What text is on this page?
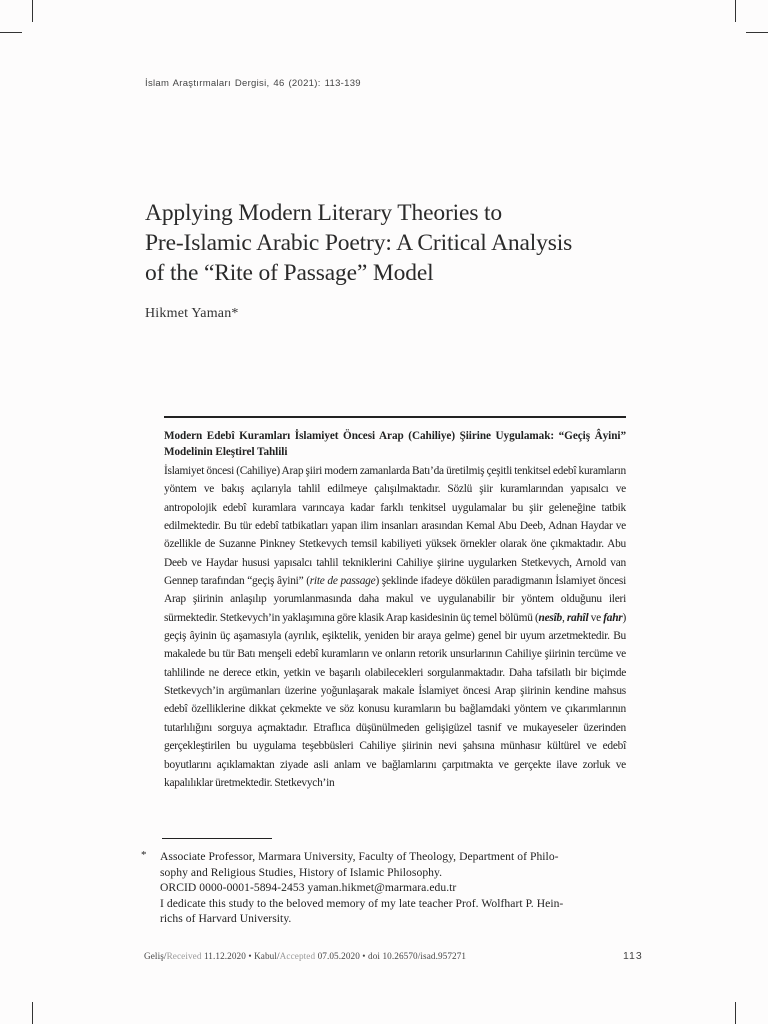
İslam Araştırmaları Dergisi, 46 (2021): 113-139
Applying Modern Literary Theories to
Pre-Islamic Arabic Poetry: A Critical Analysis
of the “Rite of Passage” Model
Hikmet Yaman*
Modern Edebî Kuramları İslamiyet Öncesi Arap (Cahiliye) Şiirine Uygulamak: “Geçiş Âyini” Modelinin Eleştirel Tahlili

İslamiyet öncesi (Cahiliye) Arap şiiri modern zamanlarda Batı’da üretilmiş çeşitli tenkitsel edebî kuramların yöntem ve bakış açılarıyla tahlil edilmeye çalışılmaktadır. Sözlü şiir kuramlarından yapısalcı ve antropolojik edebî kuramlara varıncaya kadar farklı tenkitsel uygulamalar bu şiir geleneğine tatbik edilmektedir. Bu tür edebî tatbikatları yapan ilim insanları arasından Kemal Abu Deeb, Adnan Haydar ve özellikle de Suzanne Pinkney Stetkevych temsil kabiliyeti yüksek örnekler olarak öne çıkmaktadır. Abu Deeb ve Haydar hususi yapısalcı tahlil tekniklerini Cahiliye şiirine uygularken Stetkevych, Arnold van Gennep tarafından “geçiş âyini” (rite de passage) şeklinde ifadeye dökülen paradigmanın İslamiyet öncesi Arap şiirinin anlaşılıp yorumlanmasında daha makul ve uygulanabilir bir yöntem olduğunu ileri sürmektedir. Stetkevych’in yaklaşımına göre klasik Arap kasidesinin üç temel bölümü (nesîb, rahîl ve fahr) geçiş âyinin üç aşamasıyla (ayrılık, eşiktelik, yeniden bir araya gelme) genel bir uyum arzetmektedir. Bu makalede bu tür Batı menşeli edebî kuramların ve onların retorik unsurlarının Cahiliye şiirinin tercüme ve tahlilinde ne derece etkin, yetkin ve başarılı olabilecekleri sorgulanmaktadır. Daha tafsilatlı bir biçimde Stetkevych’in argümanları üzerine yoğunlaşarak makale İslamiyet öncesi Arap şiirinin kendine mahsus edebî özelliklerine dikkat çekmekte ve söz konusu kuramların bu bağlamdaki yöntem ve çıkarımlarının tutarlılığını sorguya açmaktadır. Etraflıca düşünülmeden gelişigüzel tasnif ve mukayeseler üzerinden gerçekleştirilen bu uygulama teşebbüsleri Cahiliye şiirinin nevi şahsına münhasır kültürel ve edebî boyutlarını açıklamaktan ziyade asli anlam ve bağlamlarını çarpıtmakta ve gerçekte ilave zorluk ve kapalılıklar üretmektedir. Stetkevych’in

* Associate Professor, Marmara University, Faculty of Theology, Department of Philo-
sophy and Religious Studies, History of Islamic Philosophy.
ORCID 0000-0001-5894-2453 yaman.hikmet@marmara.edu.tr
I dedicate this study to the beloved memory of my late teacher Prof. Wolfhart P. Hein-
richs of Harvard University.
Geliş/Received 11.12.2020 • Kabul/Accepted 07.05.2020 • doi 10.26570/isad.957271	113
